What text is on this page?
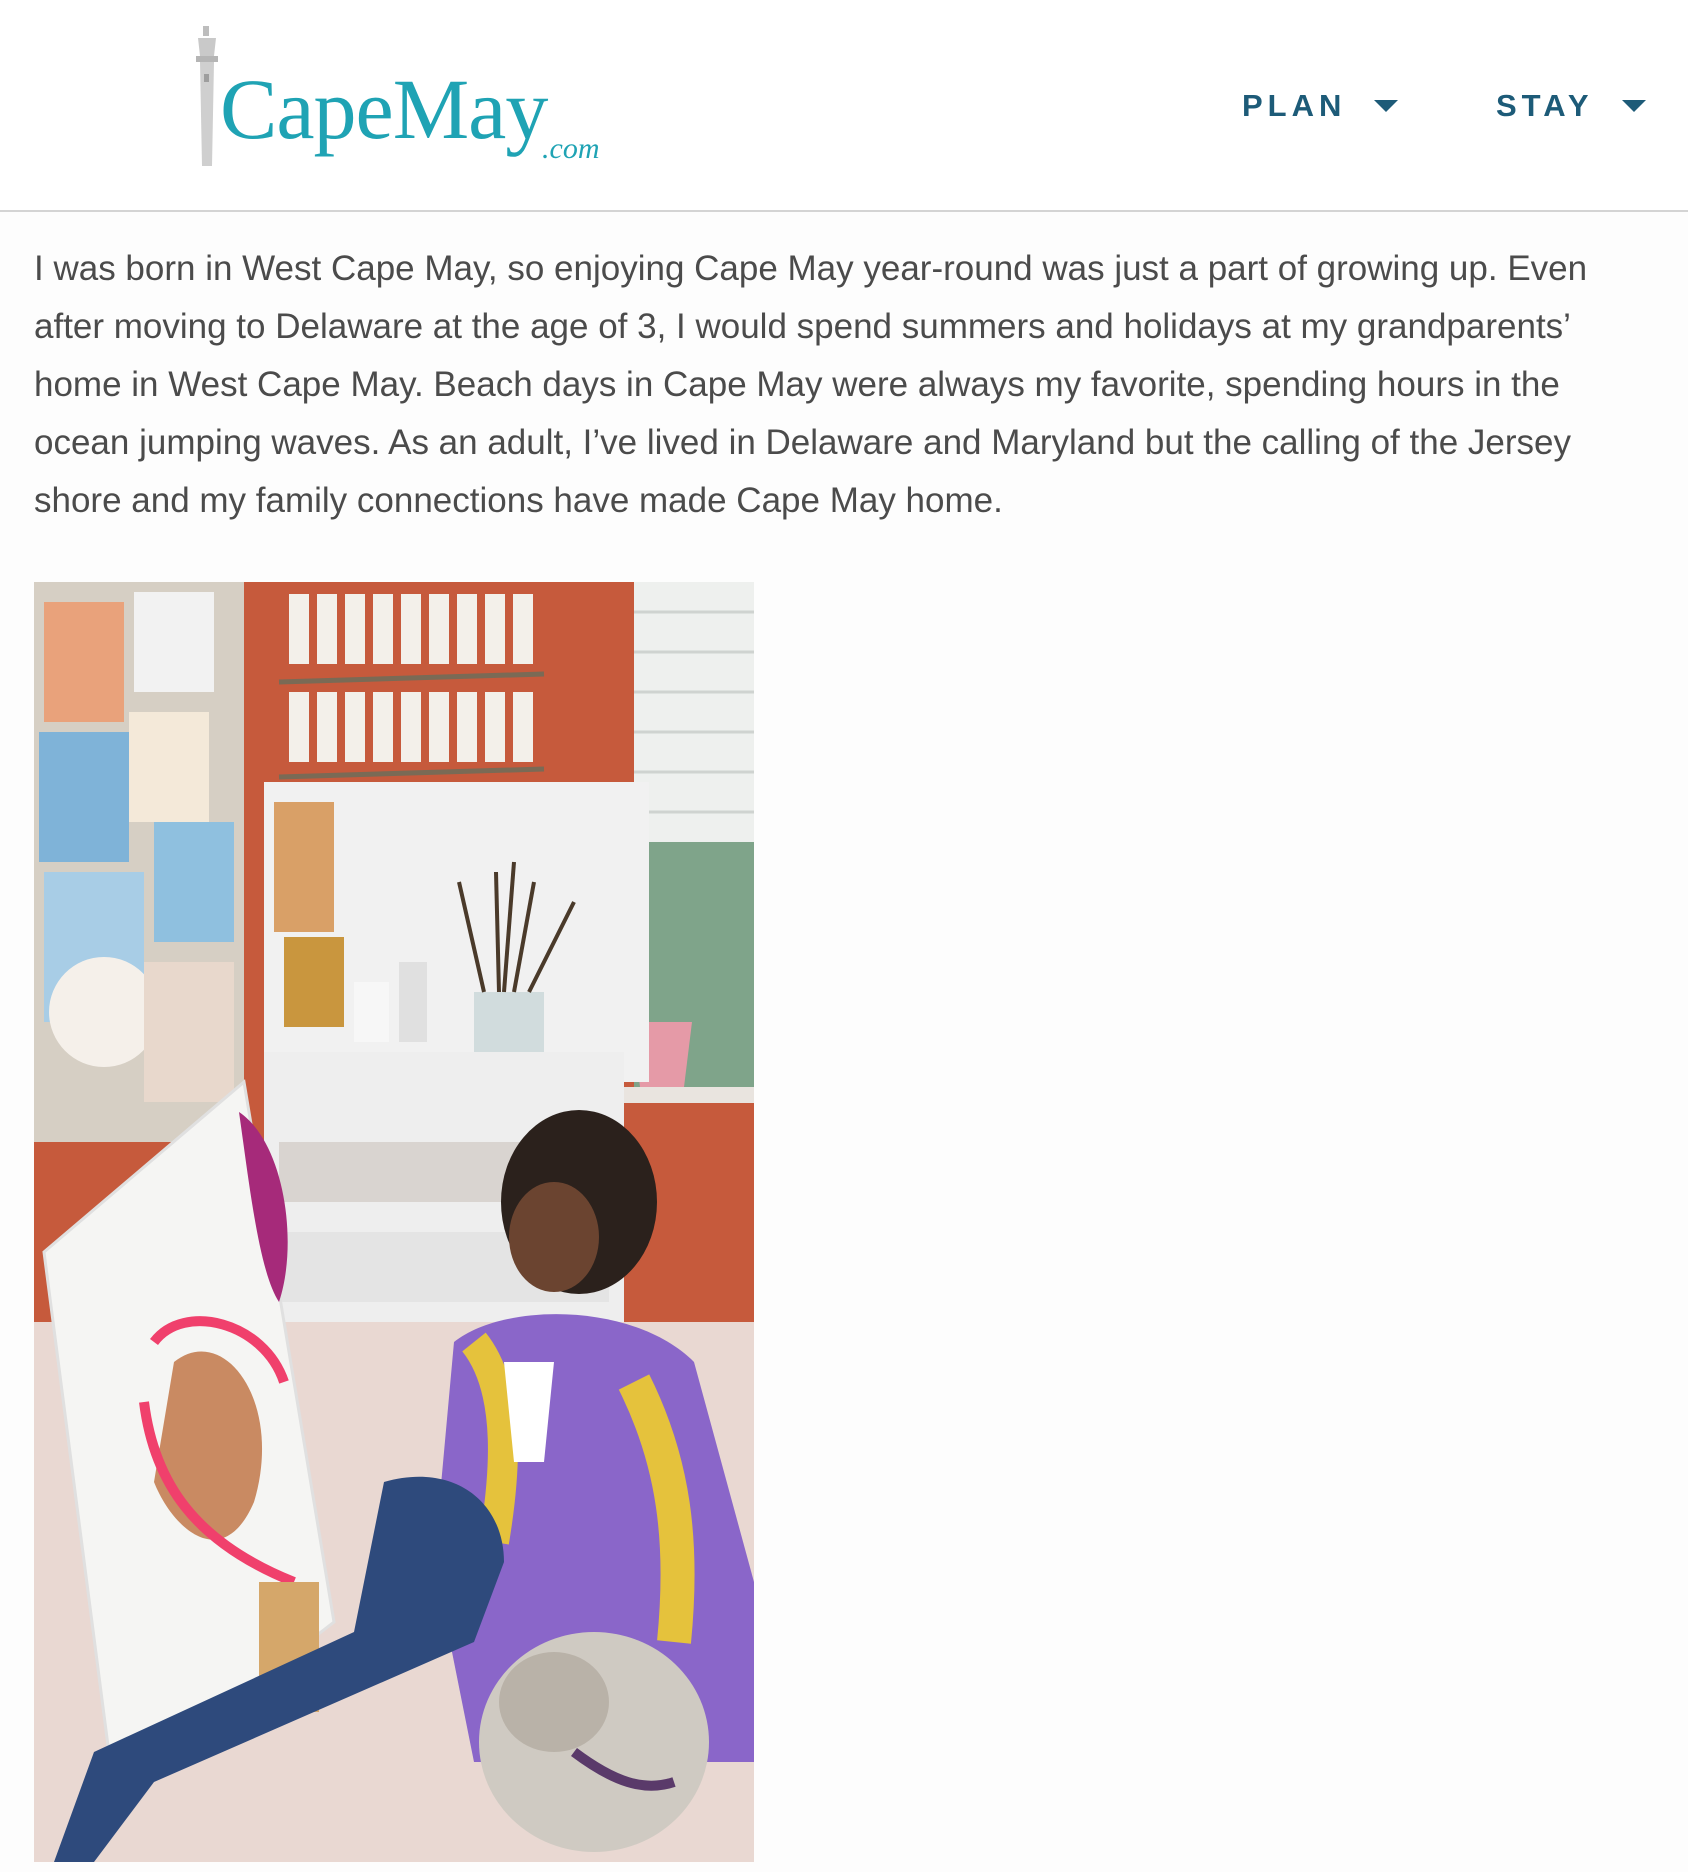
CapeMay
.com
PLAN	STAY

I was born in West Cape May, so enjoying Cape May year-round was just a part of growing up. Even after moving to Delaware at the age of 3, I would spend summers and holidays at my grandparents’ home in West Cape May. Beach days in Cape May were always my favorite, spending hours in the ocean jumping waves. As an adult, I’ve lived in Delaware and Maryland but the calling of the Jersey shore and my family connections have made Cape May home.
